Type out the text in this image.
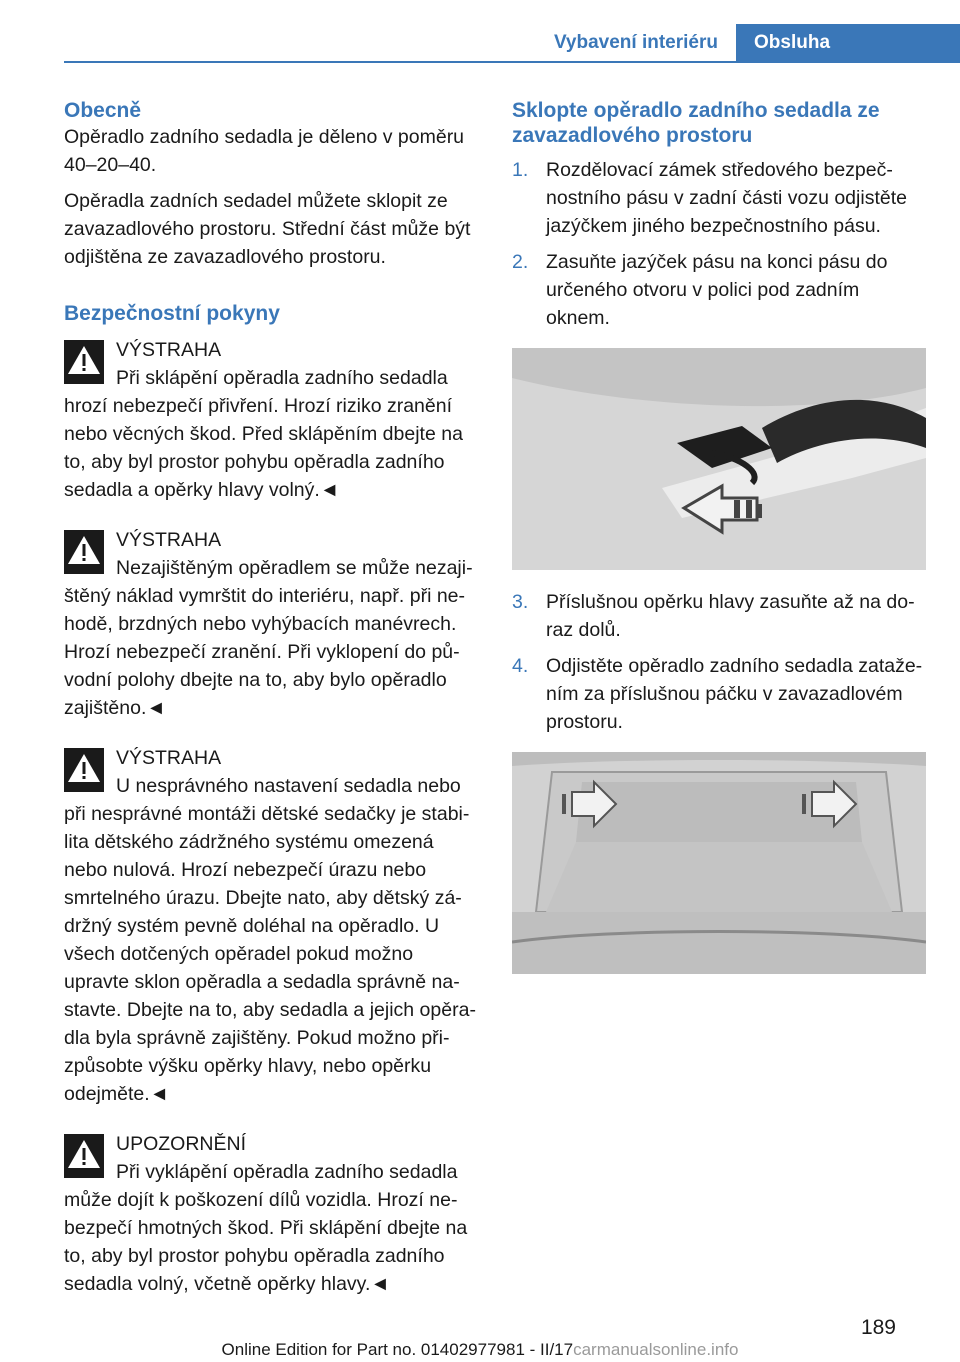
Vybavení interiéru	Obsluha
Obecně

Opěradlo zadního sedadla je děleno v poměru 40–20–40.

Opěradla zadních sedadel můžete sklopit ze zavazadlového prostoru. Střední část může být odjištěna ze zavazadlového prostoru.

Bezpečnostní pokyny
VÝSTRAHA
Při sklápění opěradla zadního sedadla
hrozí nebezpečí přivření. Hrozí riziko zranění nebo věcných škod. Před sklápěním dbejte na to, aby byl prostor pohybu opěradla zadního sedadla a opěrky hlavy volný.◄
VÝSTRAHA
Nezajištěným opěradlem se může nezaji-
štěný náklad vymrštit do interiéru, např. při nehodě, brzdných nebo vyhýbacích manévrech. Hrozí nebezpečí zranění. Při vyklopení do původní polohy dbejte na to, aby bylo opěradlo zajištěno.◄
VÝSTRAHA
U nesprávného nastavení sedadla nebo
při nesprávné montáži dětské sedačky je stabilita dětského zádržného systému omezená nebo nulová. Hrozí nebezpečí úrazu nebo smrtelného úrazu. Dbejte nato, aby dětský zádržný systém pevně doléhal na opěradlo. U všech dotčených opěradel pokud možno upravte sklon opěradla a sedadla správně nastavte. Dbejte na to, aby sedadla a jejich opěradla byla správně zajištěny. Pokud možno přizpůsobte výšku opěrky hlavy, nebo opěrku odejměte.◄
UPOZORNĚNÍ
Při vyklápění opěradla zadního sedadla
může dojít k poškození dílů vozidla. Hrozí nebezpečí hmotných škod. Při sklápění dbejte na to, aby byl prostor pohybu opěradla zadního sedadla volný, včetně opěrky hlavy.◄
Sklopte opěradlo zadního sedadla ze zavazadlového prostoru
1. Rozdělovací zámek středového bezpečnostního pásu v zadní části vozu odjistěte jazýčkem jiného bezpečnostního pásu.
2. Zasuňte jazýček pásu na konci pásu do určeného otvoru v polici pod zadním oknem.
3. Příslušnou opěrku hlavy zasuňte až na doraz dolů.
4. Odjistěte opěradlo zadního sedadla zatažením za příslušnou páčku v zavazadlovém prostoru.
189
Online Edition for Part no. 01402977981 - II/17carmanualsonline.info
